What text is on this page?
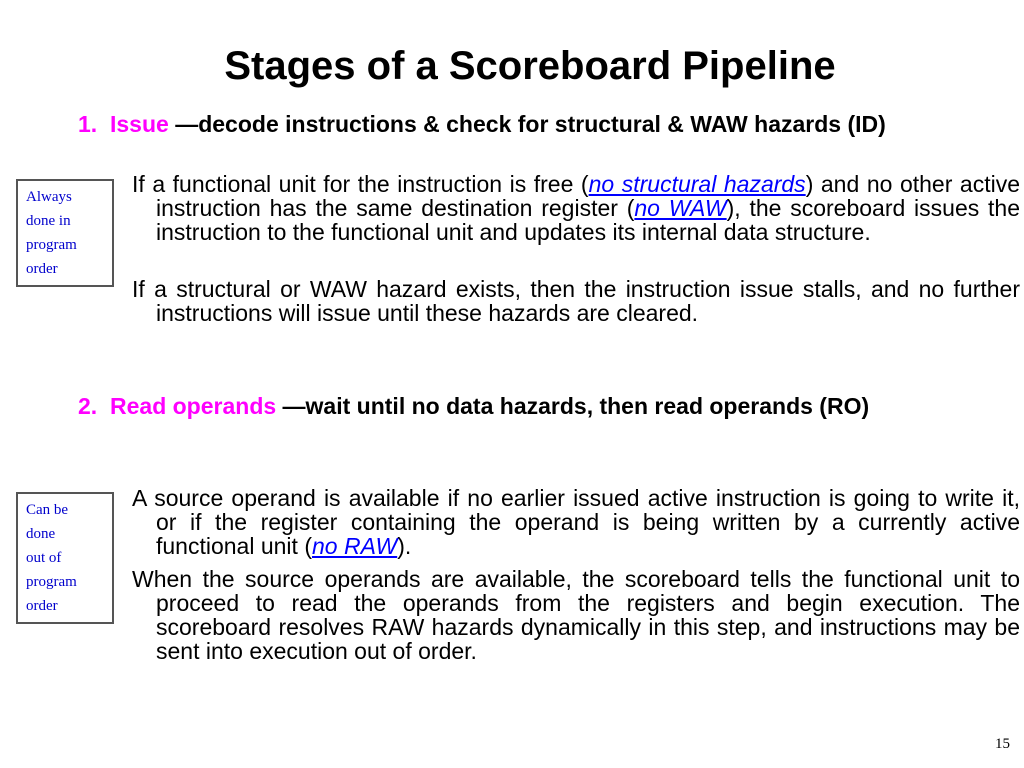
Stages of a Scoreboard Pipeline
1. Issue —decode instructions & check for structural & WAW hazards (ID)
If a functional unit for the instruction is free (no structural hazards) and no other active instruction has the same destination register (no WAW), the scoreboard issues the instruction to the functional unit and updates its internal data structure.
If a structural or WAW hazard exists, then the instruction issue stalls, and no further instructions will issue until these hazards are cleared.
2. Read operands —wait until no data hazards, then read operands (RO)
A source operand is available if no earlier issued active instruction is going to write it, or if the register containing the operand is being written by a currently active functional unit (no RAW).
When the source operands are available, the scoreboard tells the functional unit to proceed to read the operands from the registers and begin execution. The scoreboard resolves RAW hazards dynamically in this step, and instructions may be sent into execution out of order.
Always
done in
program
order
Can be
done
out of
program
order
15
